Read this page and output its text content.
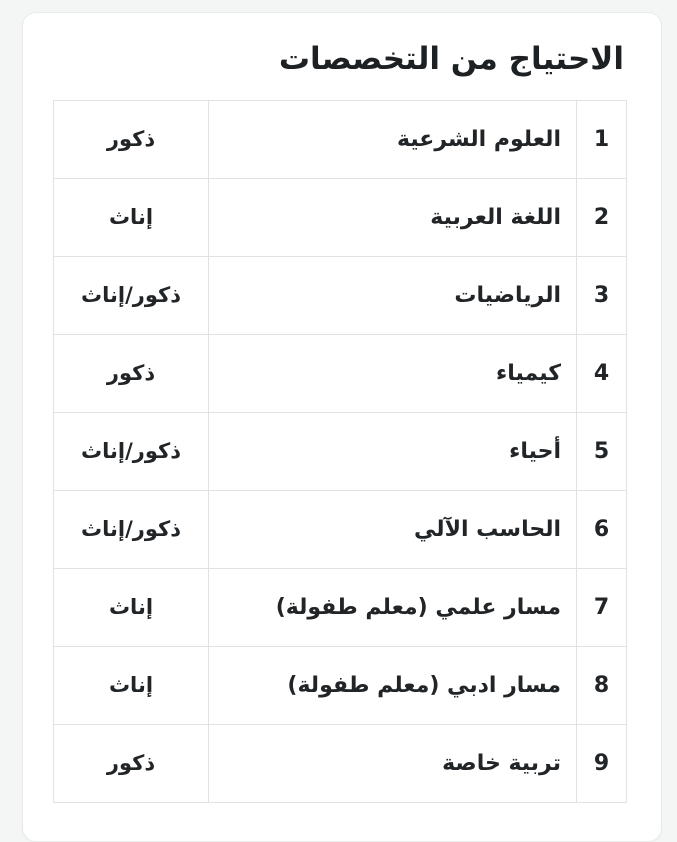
الاحتياج من التخصصات
1	العلوم الشرعية	ذكور
2	اللغة العربية	إناث
3	الرياضيات	ذكور/إناث
4	كيمياء	ذكور
5	أحياء	ذكور/إناث
6	الحاسب الآلي	ذكور/إناث
7	مسار علمي (معلم طفولة)	إناث
8	مسار ادبي (معلم طفولة)	إناث
9	تربية خاصة	ذكور
